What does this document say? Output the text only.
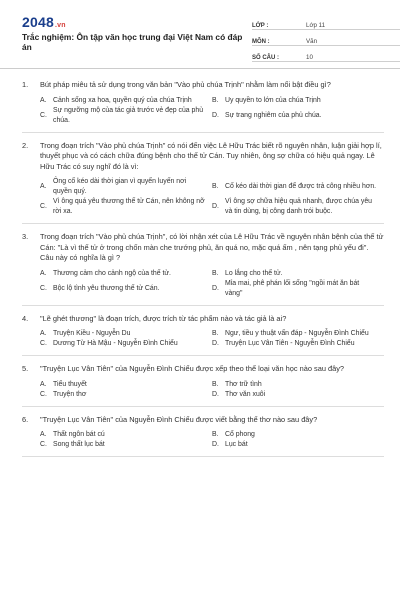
2048.vn
Trắc nghiệm: Ôn tập văn học trung đại Việt Nam có đáp án
LỚP :	Lớp 11
MÔN :	Văn
SỐ CÂU :	10
1.	Bút pháp miêu tả sử dụng trong văn bản "Vào phủ chúa Trịnh" nhằm làm nổi bật điều gì?
A. Cảnh sống xa hoa, quyền quý của chúa Trịnh	B. Uy quyền to lớn của chúa Trịnh
C.
Sự ngưỡng mộ của tác giả trước vẻ đẹp của phủ chúa.
D. Sự trang nghiêm của phủ chúa.
2.	Trong đoạn trích "Vào phủ chúa Trịnh" có nói đến việc Lê Hữu Trác biết rõ nguyên nhân, luận giải hợp lí, thuyết phục và có cách chữa đúng bệnh cho thế tử Cán. Tuy nhiên, ông sợ chữa có hiệu quả ngay. Lê Hữu Trác có suy nghĩ đó là vì:
A.
Ông cố kéo dài thời gian vì quyến luyến nơi quyền quý.
B. Cố kéo dài thời gian để được trả công nhiều hơn.
C.
Vì ông quá yêu thương thế tử Cán, nên không nỡ rời xa.
D.
Vì ông sợ chữa hiệu quả nhanh, được chúa yêu và tin dùng, bị công danh trói buộc.
3.	Trong đoạn trích "Vào phủ chúa Trịnh", có lời nhận xét của Lê Hữu Trác về nguyên nhân bệnh của thế tử Cán: "Là vì thế tử ở trong chốn màn che trướng phủ, ăn quá no, mặc quá ấm , nên tạng phủ yếu đi". Câu này có nghĩa là gì ?
A. Thương cảm cho cảnh ngộ của thế tử.	B. Lo lắng cho thế tử.
C. Bộc lộ tình yêu thương thế tử Cán.	D.
Mỉa mai, phê phán lối sống "ngồi mát ăn bát vàng"
4.	"Lẽ ghét thương" là đoạn trích, được trích từ tác phẩm nào và tác giả là ai?
A. Truyện Kiều - Nguyễn Du	B. Ngư, tiều y thuật vấn đáp - Nguyễn Đình Chiểu
C. Dương Từ Hà Mậu - Nguyễn Đình Chiểu	D. Truyện Lục Vân Tiên - Nguyễn Đình Chiểu
5.	"Truyện Lục Vân Tiên" của Nguyễn Đình Chiểu được xếp theo thể loại văn học nào sau đây?
A. Tiểu thuyết	B. Thơ trữ tình
C. Truyện thơ	D. Thơ văn xuôi
6.	"Truyện Lục Vân Tiên" của Nguyễn Đình Chiểu được viết bằng thể thơ nào sau đây?
A. Thất ngôn bát cú	B. Cổ phong
C. Song thất lục bát	D. Lục bát
